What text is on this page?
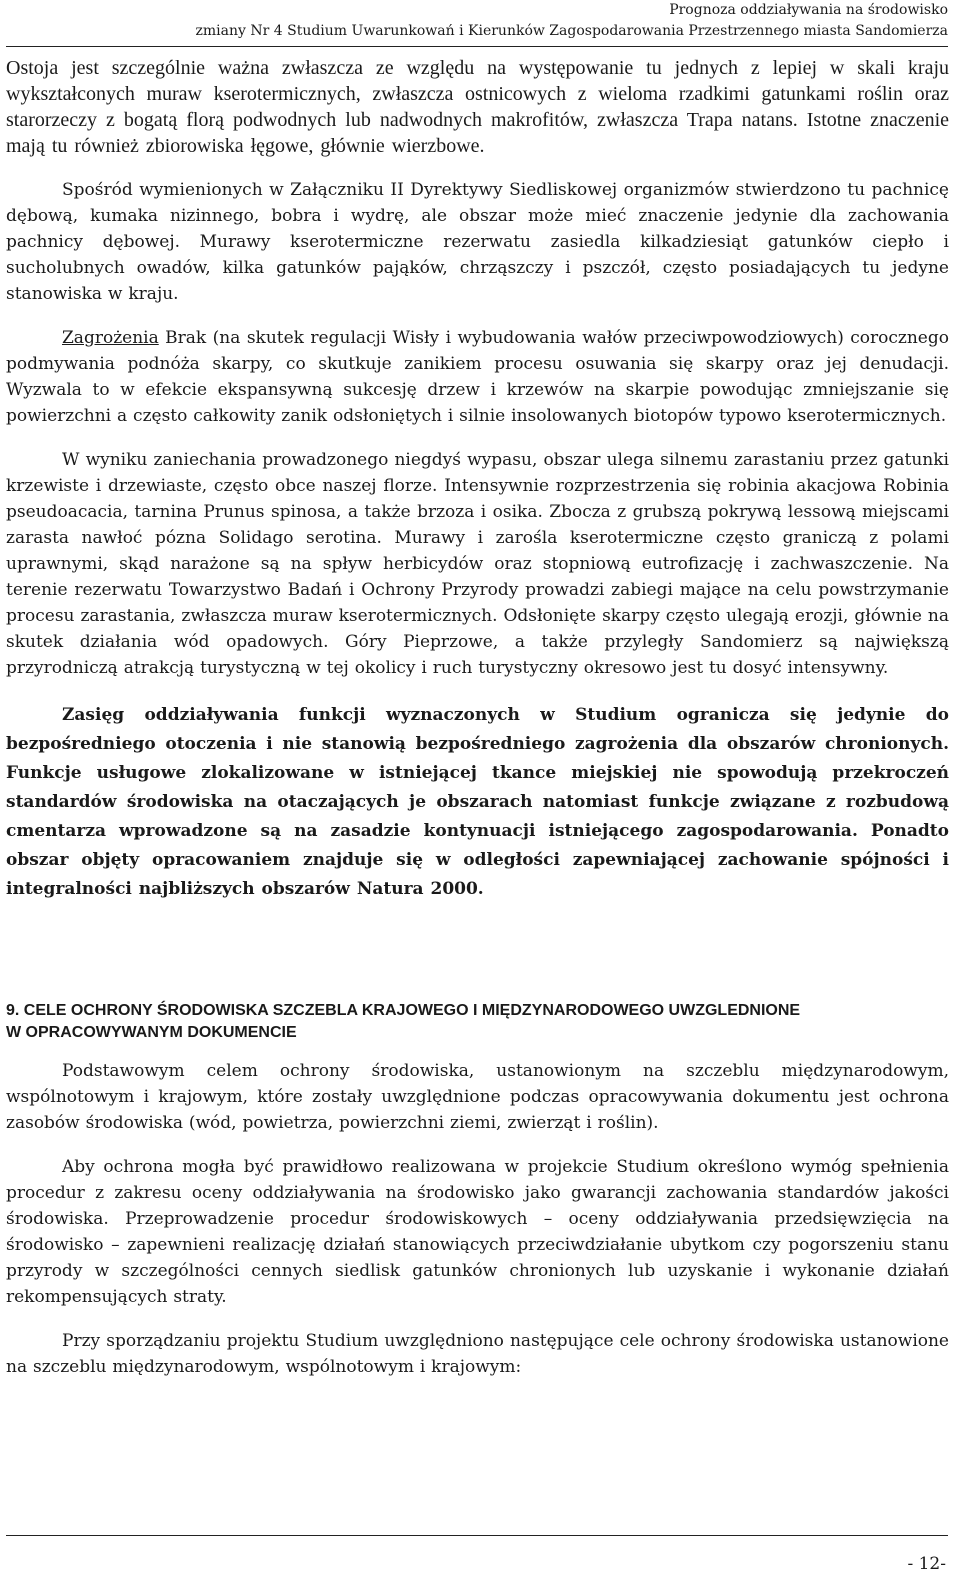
Prognoza oddziaływania na środowisko
zmiany Nr 4 Studium Uwarunkowań i Kierunków Zagospodarowania Przestrzennego miasta Sandomierza

Ostoja jest szczególnie ważna zwłaszcza ze względu na występowanie tu jednych z lepiej w skali kraju wykształconych muraw kserotermicznych, zwłaszcza ostnicowych z wieloma rzadkimi gatunkami roślin oraz starorzeczy z bogatą florą podwodnych lub nadwodnych makrofitów, zwłaszcza Trapa natans. Istotne znaczenie mają tu również zbiorowiska łęgowe, głównie wierzbowe.

Spośród wymienionych w Załączniku II Dyrektywy Siedliskowej organizmów stwierdzono tu pachnicę dębową, kumaka nizinnego, bobra i wydrę, ale obszar może mieć znaczenie jedynie dla zachowania pachnicy dębowej. Murawy kserotermiczne rezerwatu zasiedla kilkadziesiąt gatunków ciepło i sucholubnych owadów, kilka gatunków pająków, chrząszczy i pszczół, często posiadających tu jedyne stanowiska w kraju.

Zagrożenia Brak (na skutek regulacji Wisły i wybudowania wałów przeciwpowodziowych) corocznego podmywania podnóża skarpy, co skutkuje zanikiem procesu osuwania się skarpy oraz jej denudacji. Wyzwala to w efekcie ekspansywną sukcesję drzew i krzewów na skarpie powodując zmniejszanie się powierzchni a często całkowity zanik odsłoniętych i silnie insolowanych biotopów typowo kserotermicznych.

W wyniku zaniechania prowadzonego niegdyś wypasu, obszar ulega silnemu zarastaniu przez gatunki krzewiste i drzewiaste, często obce naszej florze. Intensywnie rozprzestrzenia się robinia akacjowa Robinia pseudoacacia, tarnina Prunus spinosa, a także brzoza i osika. Zbocza z grubszą pokrywą lessową miejscami zarasta nawłoć pózna Solidago serotina. Murawy i zarośla kserotermiczne często graniczą z polami uprawnymi, skąd narażone są na spływ herbicydów oraz stopniową eutrofizację i zachwaszczenie. Na terenie rezerwatu Towarzystwo Badań i Ochrony Przyrody prowadzi zabiegi mające na celu powstrzymanie procesu zarastania, zwłaszcza muraw kserotermicznych. Odsłonięte skarpy często ulegają erozji, głównie na skutek działania wód opadowych. Góry Pieprzowe, a także przyległy Sandomierz są największą przyrodniczą atrakcją turystyczną w tej okolicy i ruch turystyczny okresowo jest tu dosyć intensywny.

Zasięg oddziaływania funkcji wyznaczonych w Studium ogranicza się jedynie do bezpośredniego otoczenia i nie stanowią bezpośredniego zagrożenia dla obszarów chronionych. Funkcje usługowe zlokalizowane w istniejącej tkance miejskiej nie spowodują przekroczeń standardów środowiska na otaczających je obszarach natomiast funkcje związane z rozbudową cmentarza wprowadzone są na zasadzie kontynuacji istniejącego zagospodarowania. Ponadto obszar objęty opracowaniem znajduje się w odległości zapewniającej zachowanie spójności i integralności najbliższych obszarów Natura 2000.

9. CELE OCHRONY ŚRODOWISKA SZCZEBLA KRAJOWEGO I MIĘDZYNARODOWEGO UWZGLEDNIONE
W OPRACOWYWANYM DOKUMENCIE

Podstawowym celem ochrony środowiska, ustanowionym na szczeblu międzynarodowym, wspólnotowym i krajowym, które zostały uwzględnione podczas opracowywania dokumentu jest ochrona zasobów środowiska (wód, powietrza, powierzchni ziemi, zwierząt i roślin).

Aby ochrona mogła być prawidłowo realizowana w projekcie Studium określono wymóg spełnienia procedur z zakresu oceny oddziaływania na środowisko jako gwarancji zachowania standardów jakości środowiska. Przeprowadzenie procedur środowiskowych – oceny oddziaływania przedsięwzięcia na środowisko – zapewnieni realizację działań stanowiących przeciwdziałanie ubytkom czy pogorszeniu stanu przyrody w szczególności cennych siedlisk gatunków chronionych lub uzyskanie i wykonanie działań rekompensujących straty.

Przy sporządzaniu projektu Studium uwzględniono następujące cele ochrony środowiska ustanowione na szczeblu międzynarodowym, wspólnotowym i krajowym:

- 12-
